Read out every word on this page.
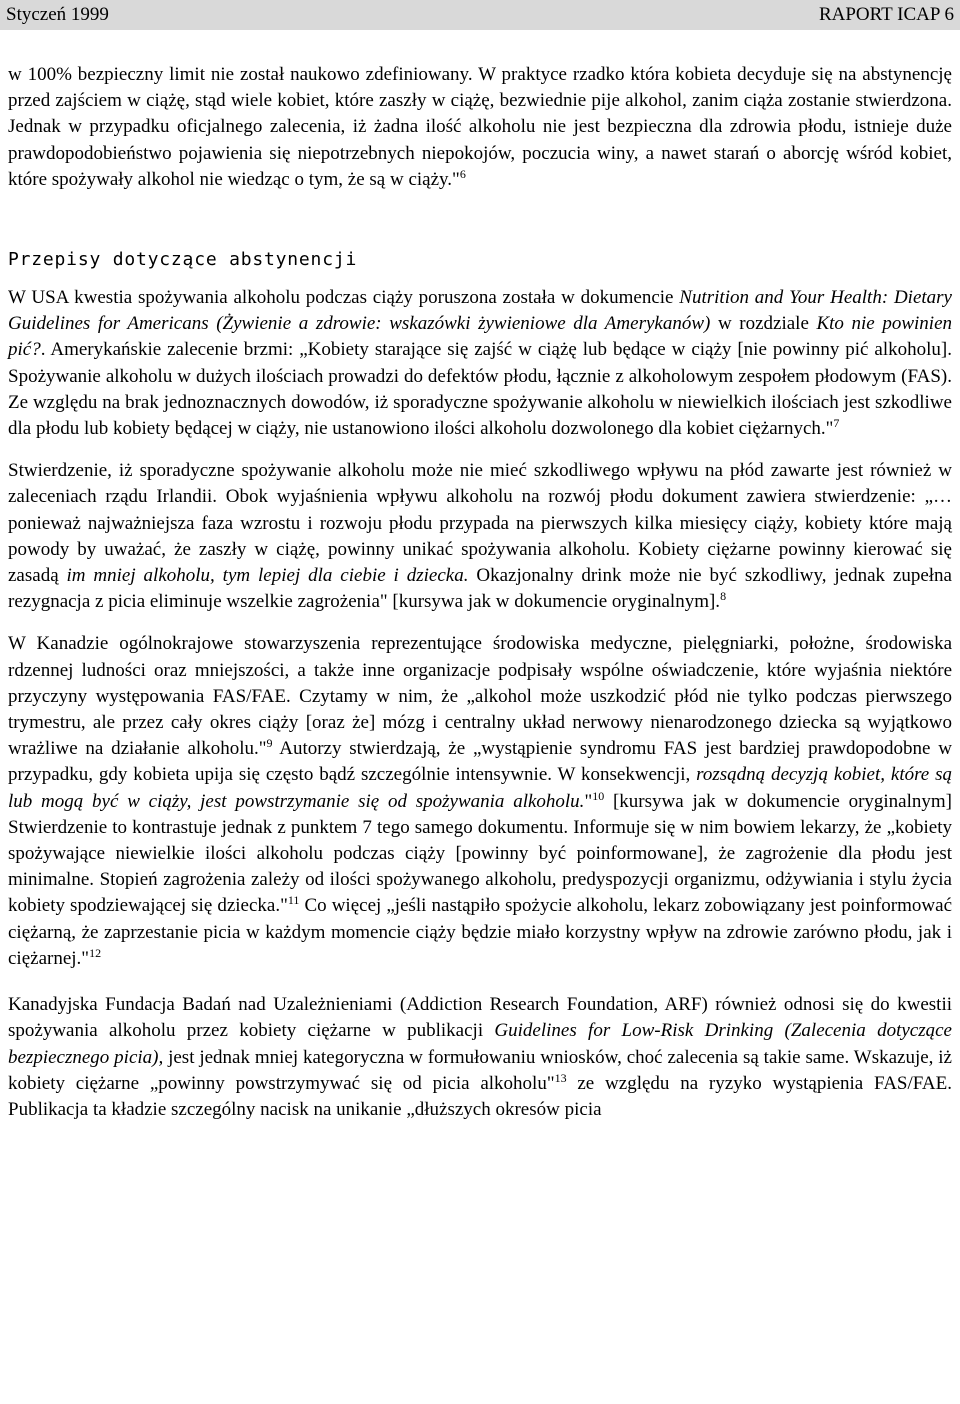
Styczeń 1999	RAPORT ICAP 6

w 100% bezpieczny limit nie został naukowo zdefiniowany. W praktyce rzadko która kobieta decyduje się na abstynencję przed zajściem w ciążę, stąd wiele kobiet, które zaszły w ciążę, bezwiednie pije alkohol, zanim ciąża zostanie stwierdzona. Jednak w przypadku oficjalnego zalecenia, iż żadna ilość alkoholu nie jest bezpieczna dla zdrowia płodu, istnieje duże prawdopodobieństwo pojawienia się niepotrzebnych niepokojów, poczucia winy, a nawet starań o aborcję wśród kobiet, które spożywały alkohol nie wiedząc o tym, że są w ciąży."$^6$

Przepisy dotyczące abstynencji

W USA kwestia spożywania alkoholu podczas ciąży poruszona została w dokumencie Nutrition and Your Health: Dietary Guidelines for Americans (Żywienie a zdrowie: wskazówki żywieniowe dla Amerykanów) w rozdziale Kto nie powinien pić?. Amerykańskie zalecenie brzmi: „Kobiety starające się zajść w ciążę lub będące w ciąży [nie powinny pić alkoholu]. Spożywanie alkoholu w dużych ilościach prowadzi do defektów płodu, łącznie z alkoholowym zespołem płodowym (FAS). Ze względu na brak jednoznacznych dowodów, iż sporadyczne spożywanie alkoholu w niewielkich ilościach jest szkodliwe dla płodu lub kobiety będącej w ciąży, nie ustanowiono ilości alkoholu dozwolonego dla kobiet ciężarnych."$^7$

Stwierdzenie, iż sporadyczne spożywanie alkoholu może nie mieć szkodliwego wpływu na płód zawarte jest również w zaleceniach rządu Irlandii. Obok wyjaśnienia wpływu alkoholu na rozwój płodu dokument zawiera stwierdzenie: „… ponieważ najważniejsza faza wzrostu i rozwoju płodu przypada na pierwszych kilka miesięcy ciąży, kobiety które mają powody by uważać, że zaszły w ciążę, powinny unikać spożywania alkoholu. Kobiety ciężarne powinny kierować się zasadą im mniej alkoholu, tym lepiej dla ciebie i dziecka. Okazjonalny drink może nie być szkodliwy, jednak zupełna rezygnacja z picia eliminuje wszelkie zagrożenia" [kursywa jak w dokumencie oryginalnym].$^8$

W Kanadzie ogólnokrajowe stowarzyszenia reprezentujące środowiska medyczne, pielęgniarki, położne, środowiska rdzennej ludności oraz mniejszości, a także inne organizacje podpisały wspólne oświadczenie, które wyjaśnia niektóre przyczyny występowania FAS/FAE. Czytamy w nim, że „alkohol może uszkodzić płód nie tylko podczas pierwszego trymestru, ale przez cały okres ciąży [oraz że] mózg i centralny układ nerwowy nienarodzonego dziecka są wyjątkowo wrażliwe na działanie alkoholu."$^9$ Autorzy stwierdzają, że „wystąpienie syndromu FAS jest bardziej prawdopodobne w przypadku, gdy kobieta upija się często bądź szczególnie intensywnie. W konsekwencji, rozsądną decyzją kobiet, które są lub mogą być w ciąży, jest powstrzymanie się od spożywania alkoholu."$^{10}$ [kursywa jak w dokumencie oryginalnym] Stwierdzenie to kontrastuje jednak z punktem 7 tego samego dokumentu. Informuje się w nim bowiem lekarzy, że „kobiety spożywające niewielkie ilości alkoholu podczas ciąży [powinny być poinformowane], że zagrożenie dla płodu jest minimalne. Stopień zagrożenia zależy od ilości spożywanego alkoholu, predyspozycji organizmu, odżywiania i stylu życia kobiety spodziewającej się dziecka."$^{11}$ Co więcej „jeśli nastąpiło spożycie alkoholu, lekarz zobowiązany jest poinformować ciężarną, że zaprzestanie picia w każdym momencie ciąży będzie miało korzystny wpływ na zdrowie zarówno płodu, jak i ciężarnej."$^{12}$

Kanadyjska Fundacja Badań nad Uzależnieniami (Addiction Research Foundation, ARF) również odnosi się do kwestii spożywania alkoholu przez kobiety ciężarne w publikacji Guidelines for Low-Risk Drinking (Zalecenia dotyczące bezpiecznego picia), jest jednak mniej kategoryczna w formułowaniu wniosków, choć zalecenia są takie same. Wskazuje, iż kobiety ciężarne „powinny powstrzymywać się od picia alkoholu"$^{13}$ ze względu na ryzyko wystąpienia FAS/FAE. Publikacja ta kładzie szczególny nacisk na unikanie „dłuższych okresów picia
